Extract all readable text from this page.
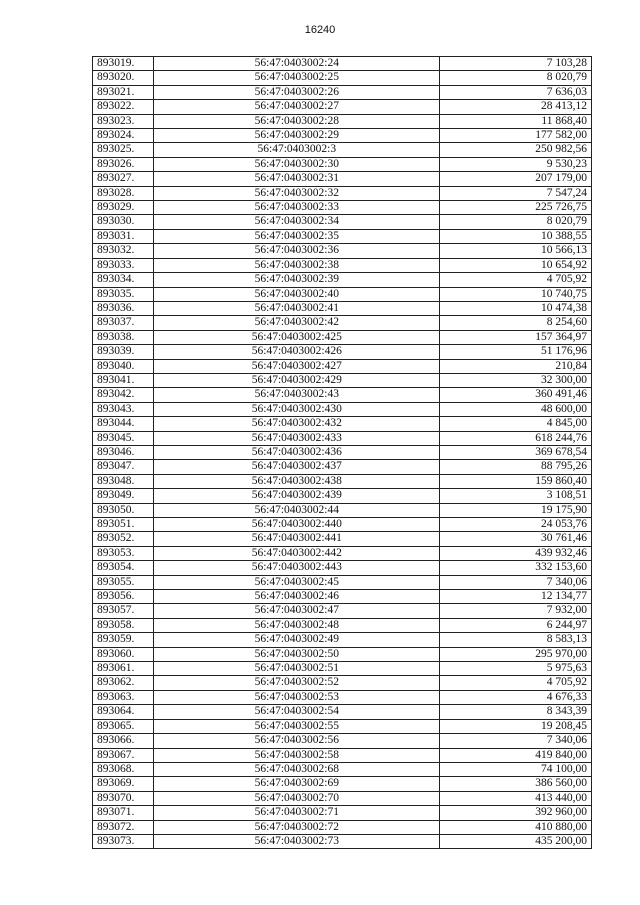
16240
893019.	56:47:0403002:24	7 103,28
893020.	56:47:0403002:25	8 020,79
893021.	56:47:0403002:26	7 636,03
893022.	56:47:0403002:27	28 413,12
893023.	56:47:0403002:28	11 868,40
893024.	56:47:0403002:29	177 582,00
893025.	56:47:0403002:3	250 982,56
893026.	56:47:0403002:30	9 530,23
893027.	56:47:0403002:31	207 179,00
893028.	56:47:0403002:32	7 547,24
893029.	56:47:0403002:33	225 726,75
893030.	56:47:0403002:34	8 020,79
893031.	56:47:0403002:35	10 388,55
893032.	56:47:0403002:36	10 566,13
893033.	56:47:0403002:38	10 654,92
893034.	56:47:0403002:39	4 705,92
893035.	56:47:0403002:40	10 740,75
893036.	56:47:0403002:41	10 474,38
893037.	56:47:0403002:42	8 254,60
893038.	56:47:0403002:425	157 364,97
893039.	56:47:0403002:426	51 176,96
893040.	56:47:0403002:427	210,84
893041.	56:47:0403002:429	32 300,00
893042.	56:47:0403002:43	360 491,46
893043.	56:47:0403002:430	48 600,00
893044.	56:47:0403002:432	4 845,00
893045.	56:47:0403002:433	618 244,76
893046.	56:47:0403002:436	369 678,54
893047.	56:47:0403002:437	88 795,26
893048.	56:47:0403002:438	159 860,40
893049.	56:47:0403002:439	3 108,51
893050.	56:47:0403002:44	19 175,90
893051.	56:47:0403002:440	24 053,76
893052.	56:47:0403002:441	30 761,46
893053.	56:47:0403002:442	439 932,46
893054.	56:47:0403002:443	332 153,60
893055.	56:47:0403002:45	7 340,06
893056.	56:47:0403002:46	12 134,77
893057.	56:47:0403002:47	7 932,00
893058.	56:47:0403002:48	6 244,97
893059.	56:47:0403002:49	8 583,13
893060.	56:47:0403002:50	295 970,00
893061.	56:47:0403002:51	5 975,63
893062.	56:47:0403002:52	4 705,92
893063.	56:47:0403002:53	4 676,33
893064.	56:47:0403002:54	8 343,39
893065.	56:47:0403002:55	19 208,45
893066.	56:47:0403002:56	7 340,06
893067.	56:47:0403002:58	419 840,00
893068.	56:47:0403002:68	74 100,00
893069.	56:47:0403002:69	386 560,00
893070.	56:47:0403002:70	413 440,00
893071.	56:47:0403002:71	392 960,00
893072.	56:47:0403002:72	410 880,00
893073.	56:47:0403002:73	435 200,00
